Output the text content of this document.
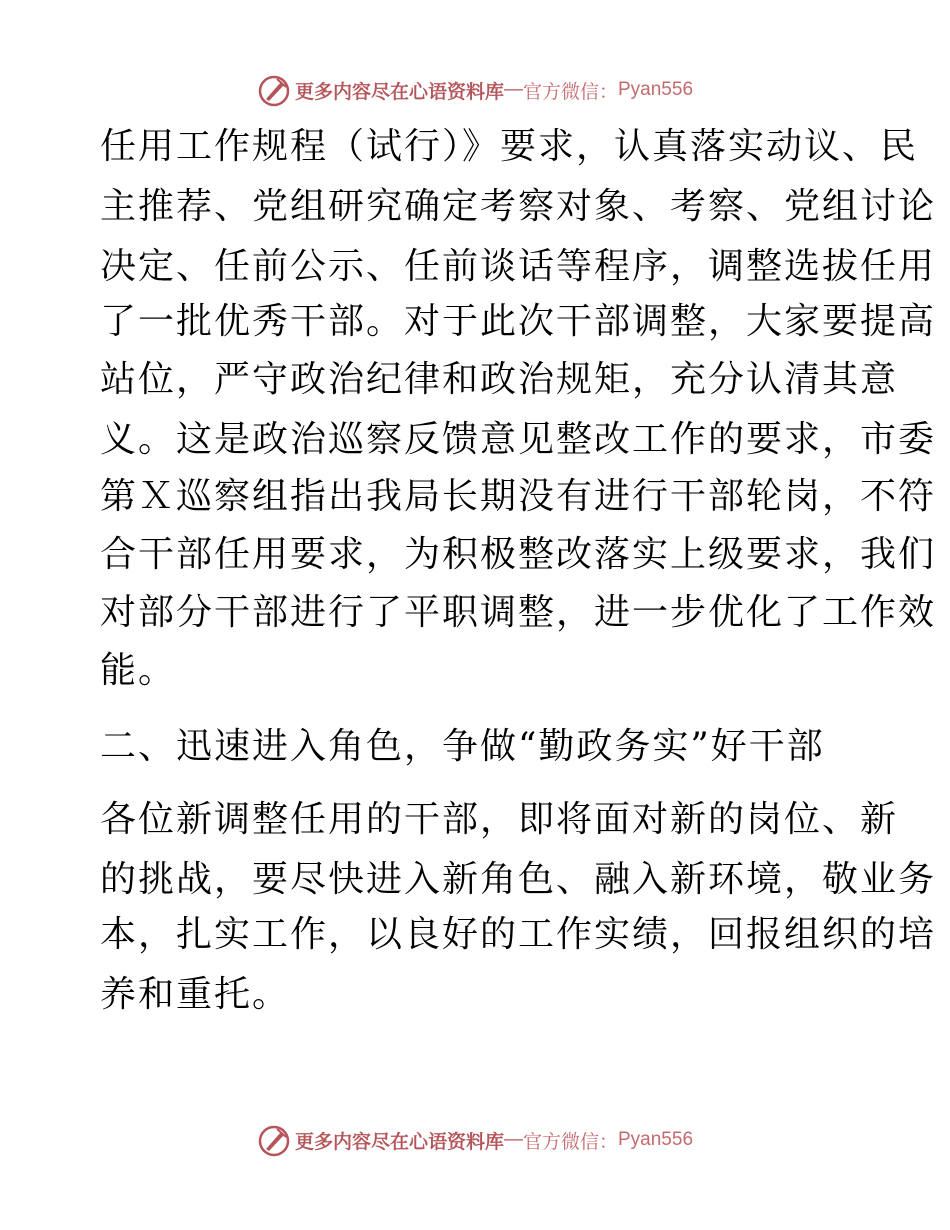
更多内容尽在心语资料库 — 官方微信： Pyan556
任用工作规程（试行）》要求，认真落实动议、民
主推荐、党组研究确定考察对象、考察、党组讨论
决定、任前公示、任前谈话等程序，调整选拔任用
了一批优秀干部。对于此次干部调整，大家要提高
站位，严守政治纪律和政治规矩，充分认清其意
义。这是政治巡察反馈意见整改工作的要求，市委
第Ｘ巡察组指出我局长期没有进行干部轮岗，不符
合干部任用要求，为积极整改落实上级要求，我们
对部分干部进行了平职调整，进一步优化了工作效
能。
二、迅速进入角色，争做“勤政务实”好干部
各位新调整任用的干部，即将面对新的岗位、新
的挑战，要尽快进入新角色、融入新环境，敬业务
本，扎实工作，以良好的工作实绩，回报组织的培
养和重托。
更多内容尽在心语资料库 — 官方微信： Pyan556
